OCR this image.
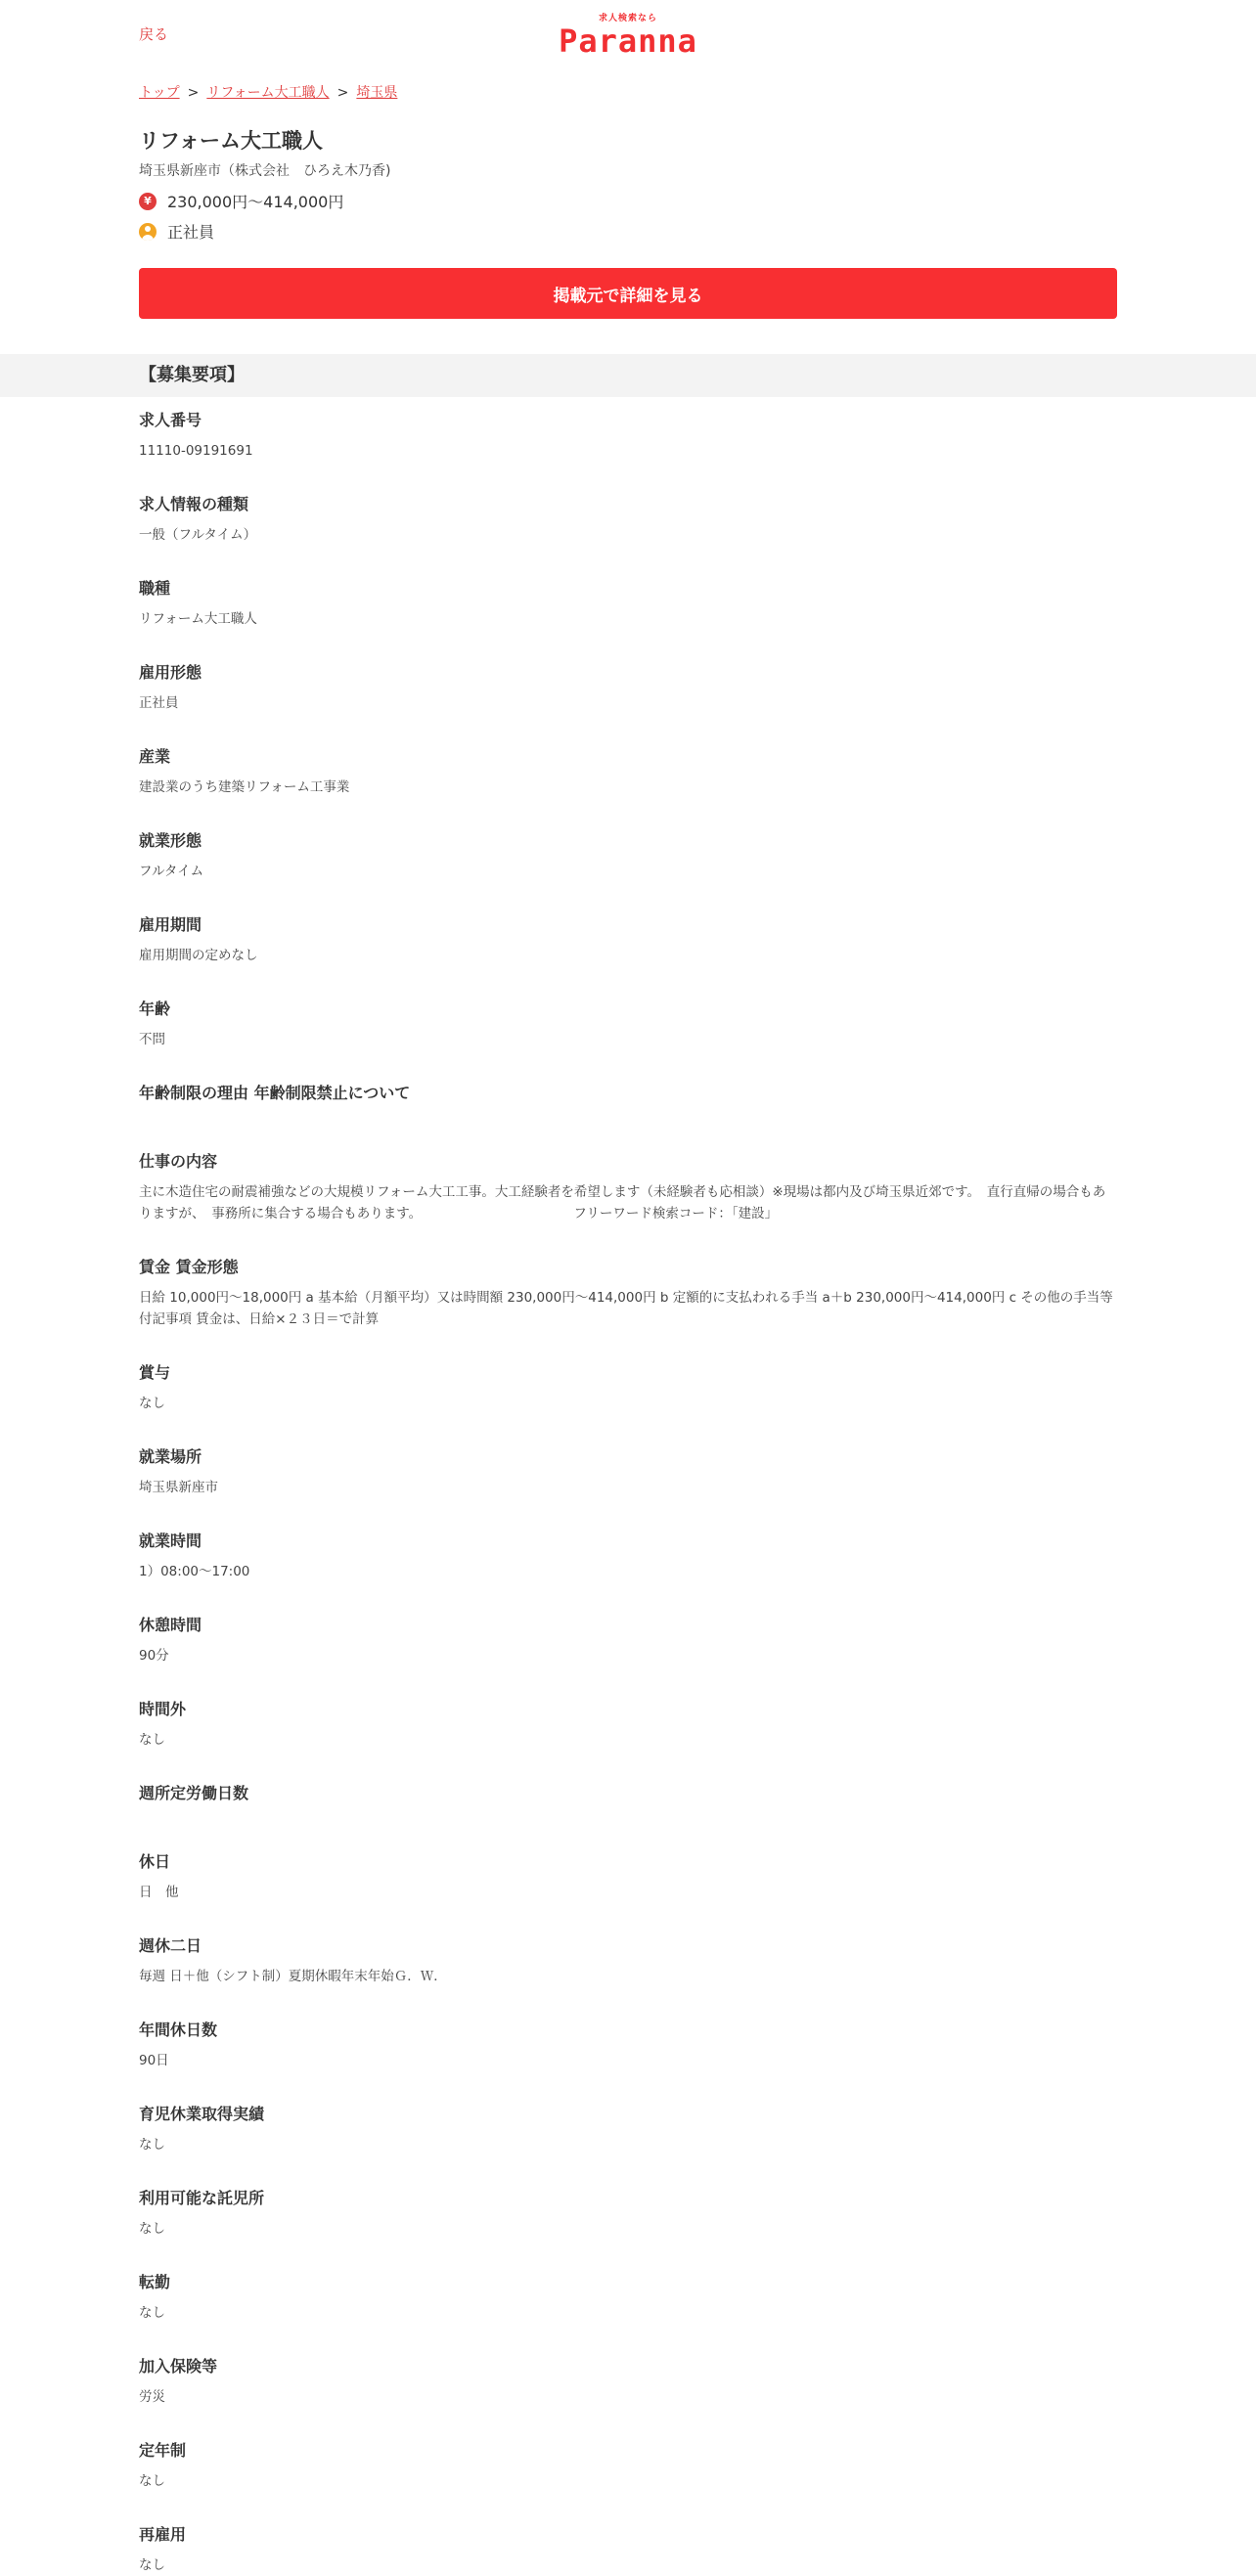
戻る
求人検索なら
Paranna
トップ > リフォーム大工職人 > 埼玉県
リフォーム大工職人
埼玉県新座市（株式会社　ひろえ木乃香)
¥	230,000円～414,000円
正社員
掲載元で詳細を見る
【募集要項】
求人番号
11110-09191691
求人情報の種類
一般（フルタイム）
職種
リフォーム大工職人
雇用形態
正社員
産業
建設業のうち建築リフォーム工事業
就業形態
フルタイム
雇用期間
雇用期間の定めなし
年齢
不問
年齢制限の理由 年齢制限禁止について
仕事の内容
主に木造住宅の耐震補強などの大規模リフォーム大工工事。大工経験者を希望します（未経験者も応相談）※現場は都内及び埼玉県近郊です。　直行直帰の場合もありますが、　事務所に集合する場合もあります。　　　　　　　　　　　　フリーワード検索コード：「建設」
賃金 賃金形態
日給 10,000円～18,000円 a 基本給（月額平均）又は時間額 230,000円～414,000円 b 定額的に支払われる手当 a＋b 230,000円～414,000円 c その他の手当等付記事項 賃金は、日給×２３日＝で計算
賞与
なし
就業場所
埼玉県新座市
就業時間
1）08:00～17:00
休憩時間
90分
時間外
なし
週所定労働日数
休日
日　他
週休二日
毎週 日＋他（シフト制）夏期休暇年末年始Ｇ．Ｗ．
年間休日数
90日
育児休業取得実績
なし
利用可能な託児所
なし
転勤
なし
加入保険等
労災
定年制
なし
再雇用
なし
